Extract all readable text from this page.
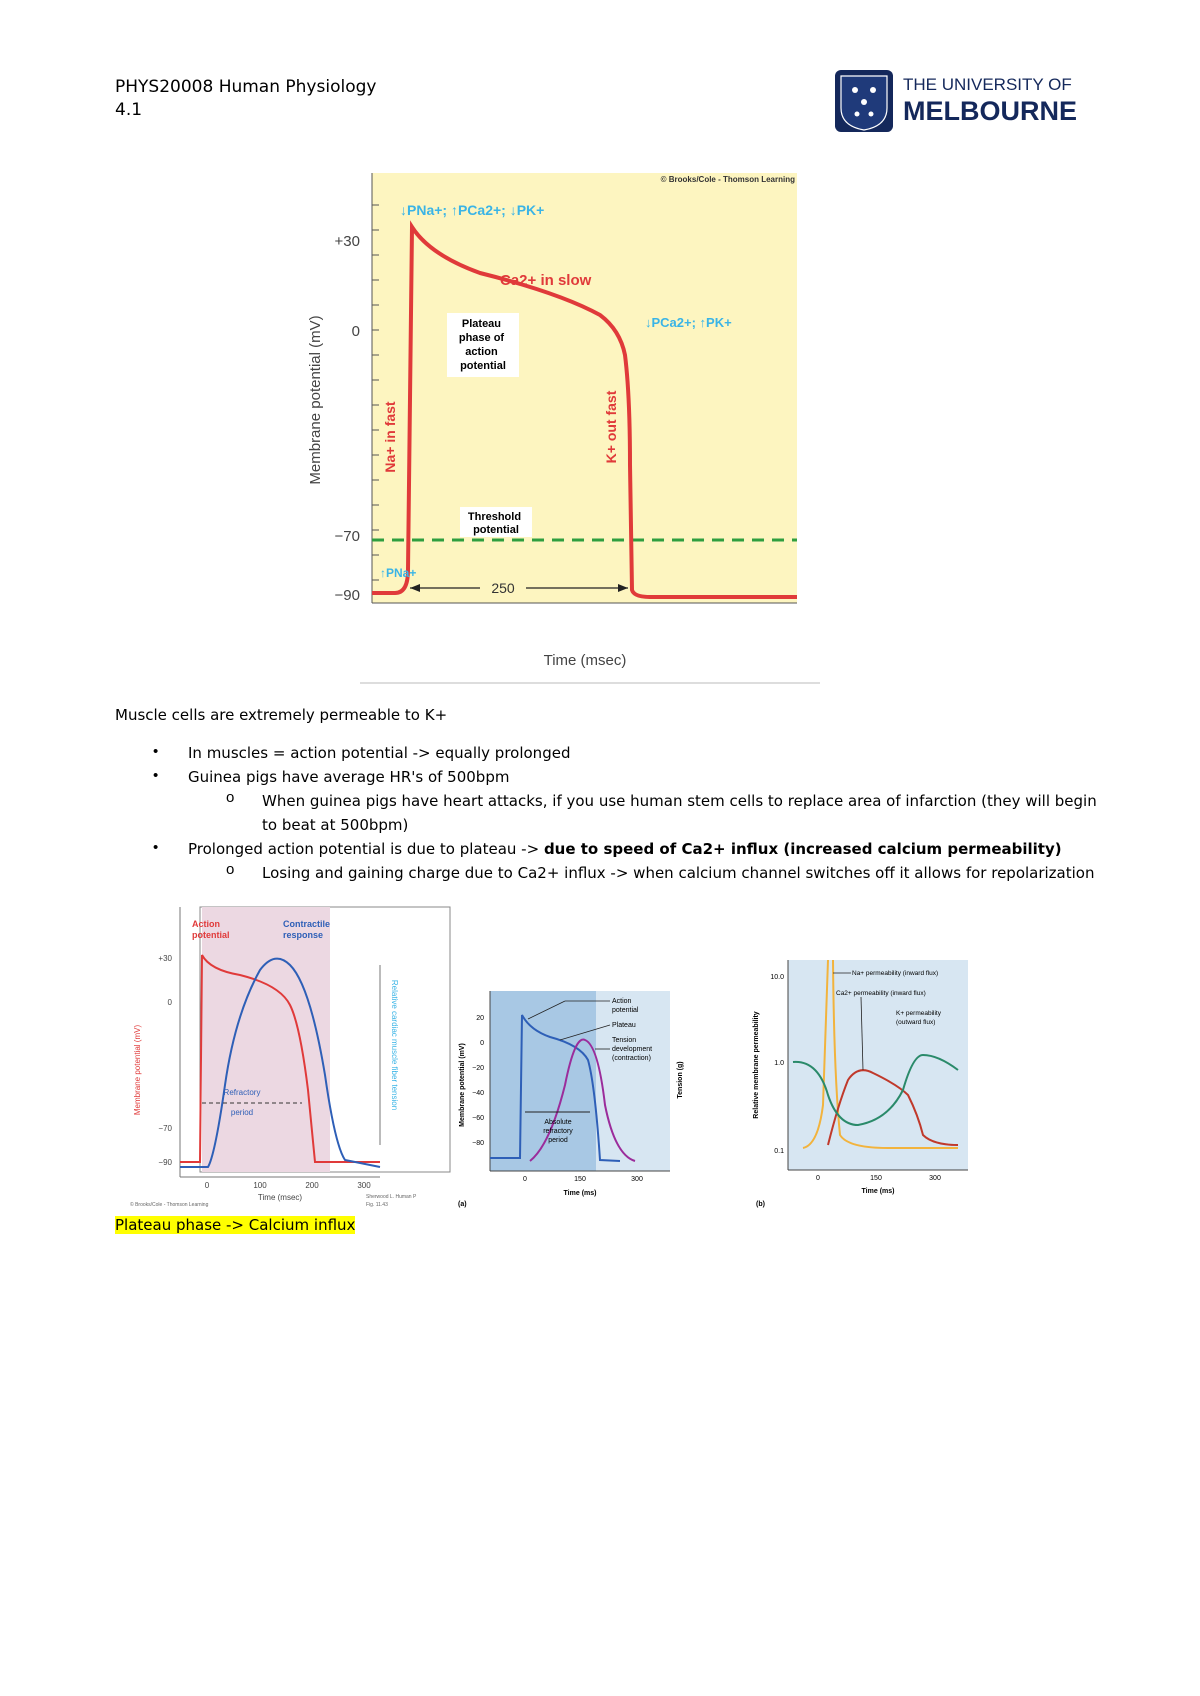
PHYS20008 Human Physiology
4.1
THE UNIVERSITY OF
MELBOURNE
© Brooks/Cole - Thomson Learning
+30
0
−70
−90
Membrane potential (mV)
Time (msec)
↓PNa+; ↑PCa2+; ↓PK+
Ca2+ in slow
Plateau phase of action potential
↓PCa2+; ↑PK+
Na+ in fast	K+ out fast
Threshold potential
↑PNa+
250
Muscle cells are extremely permeable to K+
• In muscles = action potential -> equally prolonged
• Guinea pigs have average HR's of 500bpm
o When guinea pigs have heart attacks, if you use human stem cells to replace area of infarction (they will begin
to beat at 500bpm)
• Prolonged action potential is due to plateau -> due to speed of Ca2+ influx (increased calcium permeability)
o Losing and gaining charge due to Ca2+ influx -> when calcium channel switches off it allows for repolarization
Action potential
Contractile response
+30
0
−70
−90
0	100	200	300
Membrane potential (mV)	Relative cardiac muscle fiber tension
Refractory period
Time (msec)
© Brooks/Cole - Thomson Learning
Sherwood L. Human P Fig. 11.43
20
0
−20
−40
−60
−80
0	150	300
Membrane potential (mV)	Tension (g)
Time (ms)
Absolute refractory period
Action potential
Plateau
Tension development (contraction)
(a)
10.0
1.0
0.1
0	150	300
Relative membrane permeability
Time (ms)
Na+ permeability (inward flux)
Ca2+ permeability (inward flux)
K+ permeability (outward flux)
(b)
Plateau phase -> Calcium influx
